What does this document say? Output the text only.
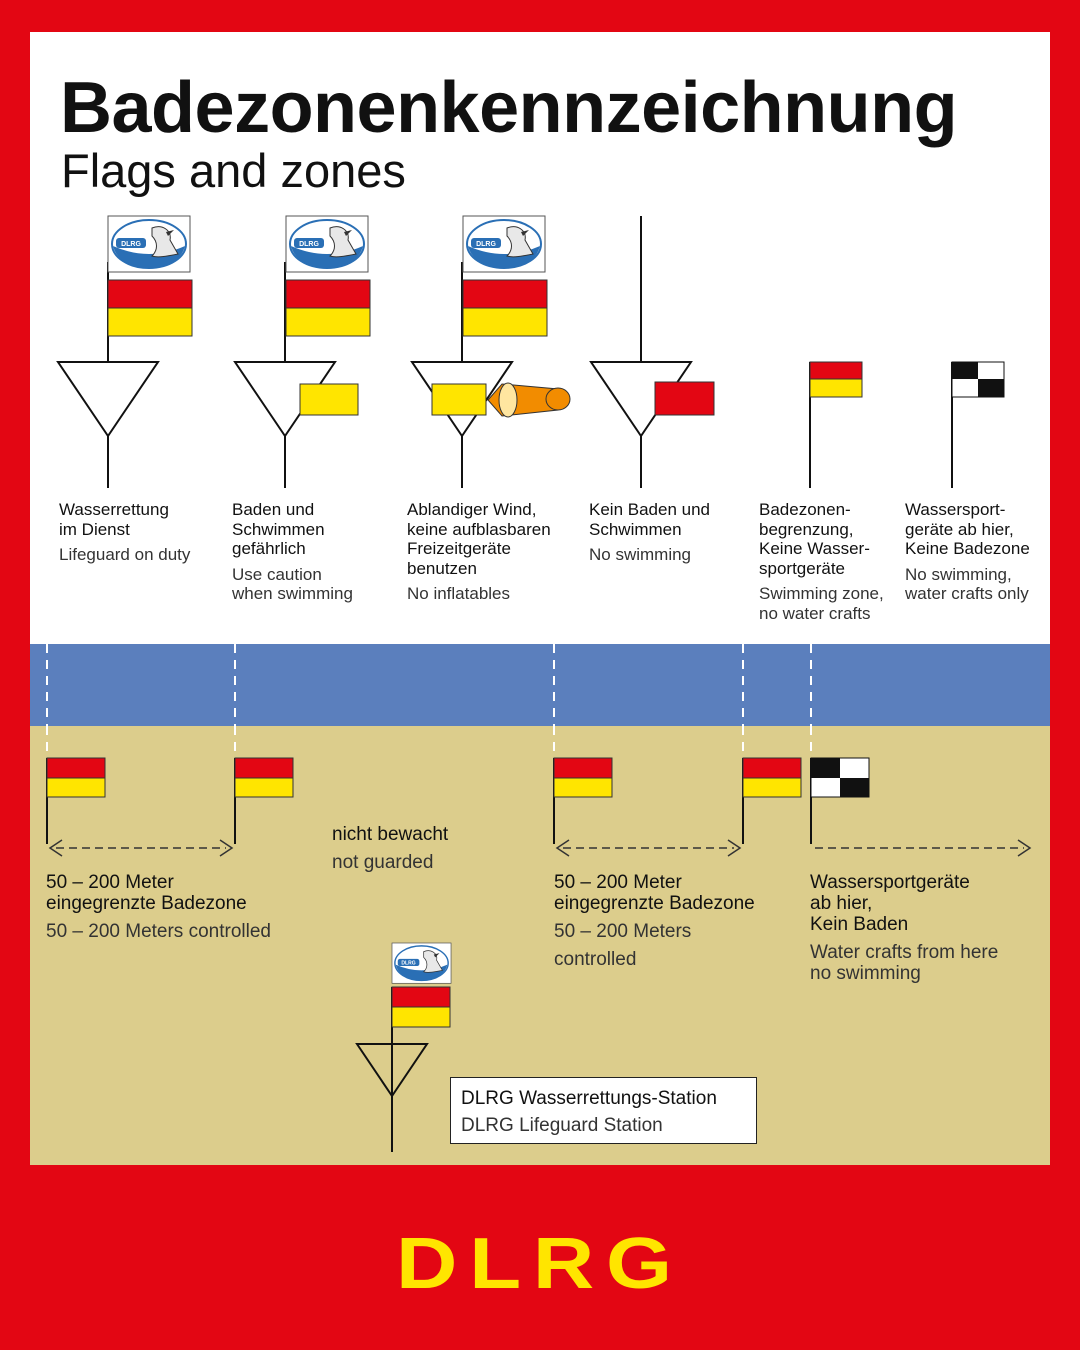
DLRG
Badezonenkennzeichnung
Flags and zones
Wasserrettung
im Dienst
Lifeguard on duty
Baden und
Schwimmen
gefährlich
Use caution
when swimming
Ablandiger Wind,
keine aufblasbaren
Freizeitgeräte
benutzen
No inflatables
Kein Baden und
Schwimmen
No swimming
Badezonen-
begrenzung,
Keine Wasser-
sportgeräte
Swimming zone,
no water crafts
Wassersport-
geräte ab hier,
Keine Badezone
No swimming,
water crafts only
50 – 200 Meter
eingegrenzte Badezone
50 – 200 Meters controlled
nicht bewacht
not guarded
50 – 200 Meter
eingegrenzte Badezone
50 – 200 Meters
controlled
Wassersportgeräte
ab hier,
Kein Baden
Water crafts from here
no swimming
DLRG Wasserrettungs-Station
DLRG Lifeguard Station
DLRG
